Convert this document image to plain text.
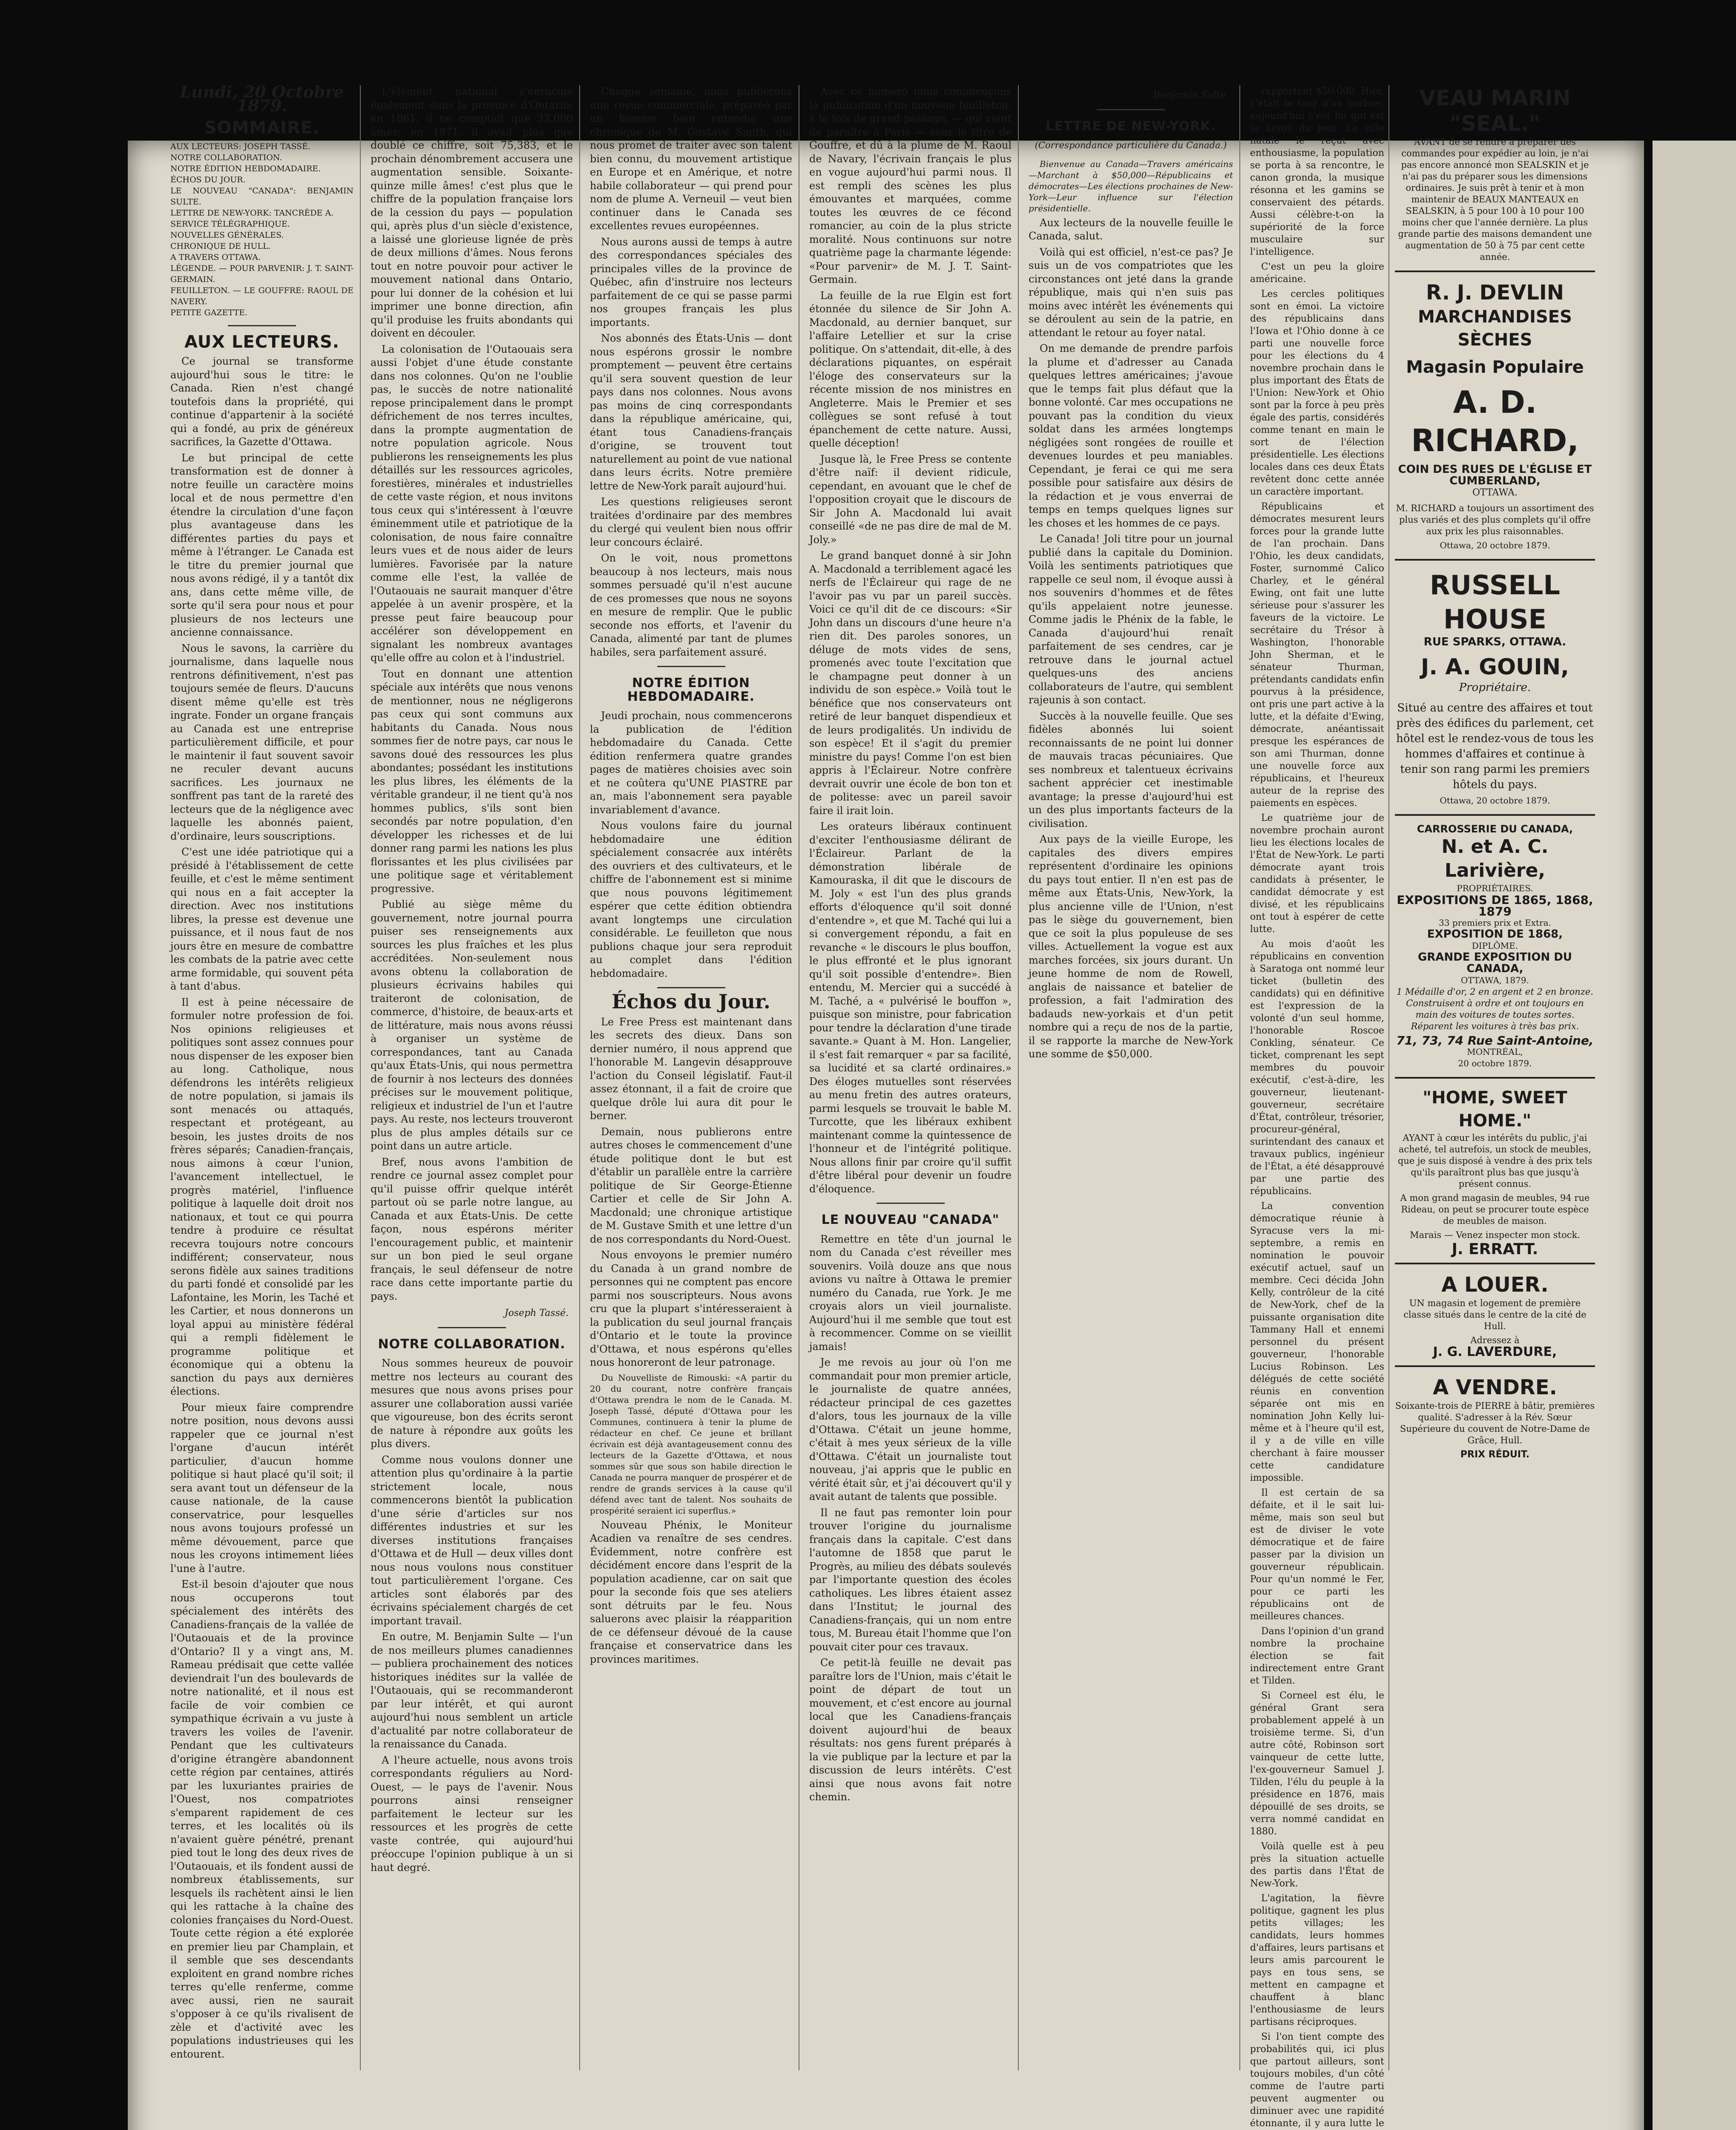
Lundi, 20 Octobre 1879.
SOMMAIRE.
AUX LECTEURS: JOSEPH TASSÉ.
NOTRE COLLABORATION.
NOTRE ÉDITION HEBDOMADAIRE.
ÉCHOS DU JOUR.
LE NOUVEAU "CANADA": BENJAMIN SULTE.
LETTRE DE NEW-YORK: TANCRÈDE A.
SERVICE TÉLÉGRAPHIQUE.
NOUVELLES GÉNÉRALES.
CHRONIQUE DE HULL.
A TRAVERS OTTAWA.
LÉGENDE. — POUR PARVENIR: J. T. SAINT-GERMAIN.
FEUILLETON. — LE GOUFFRE: RAOUL DE NAVERY.
PETITE GAZETTE.
AUX LECTEURS.

Ce journal se transforme aujourd'hui sous le titre: le Canada. Rien n'est changé toutefois dans la propriété, qui continue d'appartenir à la société qui a fondé, au prix de généreux sacrifices, la Gazette d'Ottawa.

Le but principal de cette transformation est de donner à notre feuille un caractère moins local et de nous permettre d'en étendre la circulation d'une façon plus avantageuse dans les différentes parties du pays et même à l'étranger. Le Canada est le titre du premier journal que nous avons rédigé, il y a tantôt dix ans, dans cette même ville, de sorte qu'il sera pour nous et pour plusieurs de nos lecteurs une ancienne connaissance.

Nous le savons, la carrière du journalisme, dans laquelle nous rentrons définitivement, n'est pas toujours semée de fleurs. D'aucuns disent même qu'elle est très ingrate. Fonder un organe français au Canada est une entreprise particulièrement difficile, et pour le maintenir il faut souvent savoir ne reculer devant aucuns sacrifices. Les journaux ne sonffrent pas tant de la rareté des lecteurs que de la négligence avec laquelle les abonnés paient, d'ordinaire, leurs souscriptions.

C'est une idée patriotique qui a présidé à l'établissement de cette feuille, et c'est le même sentiment qui nous en a fait accepter la direction. Avec nos institutions libres, la presse est devenue une puissance, et il nous faut de nos jours être en mesure de combattre les combats de la patrie avec cette arme formidable, qui souvent péta à tant d'abus.

Il est à peine nécessaire de formuler notre profession de foi. Nos opinions religieuses et politiques sont assez connues pour nous dispenser de les exposer bien au long. Catholique, nous défendrons les intérêts religieux de notre population, si jamais ils sont menacés ou attaqués, respectant et protégeant, au besoin, les justes droits de nos frères séparés; Canadien-français, nous aimons à cœur l'union, l'avancement intellectuel, le progrès matériel, l'influence politique à laquelle doit droit nos nationaux, et tout ce qui pourra tendre à produire ce résultat recevra toujours notre concours indifférent; conservateur, nous serons fidèle aux saines traditions du parti fondé et consolidé par les Lafontaine, les Morin, les Taché et les Cartier, et nous donnerons un loyal appui au ministère fédéral qui a rempli fidèlement le programme politique et économique qui a obtenu la sanction du pays aux dernières élections.

Pour mieux faire comprendre notre position, nous devons aussi rappeler que ce journal n'est l'organe d'aucun intérêt particulier, d'aucun homme politique si haut placé qu'il soit; il sera avant tout un défenseur de la cause nationale, de la cause conservatrice, pour lesquelles nous avons toujours professé un même dévouement, parce que nous les croyons intimement liées l'une à l'autre.

Est-il besoin d'ajouter que nous nous occuperons tout spécialement des intérêts des Canadiens-français de la vallée de l'Outaouais et de la province d'Ontario? Il y a vingt ans, M. Rameau prédisait que cette vallée deviendrait l'un des boulevards de notre nationalité, et il nous est facile de voir combien ce sympathique écrivain a vu juste à travers les voiles de l'avenir. Pendant que les cultivateurs d'origine étrangère abandonnent cette région par centaines, attirés par les luxuriantes prairies de l'Ouest, nos compatriotes s'emparent rapidement de ces terres, et les localités où ils n'avaient guère pénétré, prenant pied tout le long des deux rives de l'Outaouais, et ils fondent aussi de nombreux établissements, sur lesquels ils rachètent ainsi le lien qui les rattache à la chaîne des colonies françaises du Nord-Ouest. Toute cette région a été explorée en premier lieu par Champlain, et il semble que ses descendants exploitent en grand nombre riches terres qu'elle renferme, comme avec aussi, rien ne saurait s'opposer à ce qu'ils rivalisent de zèle et d'activité avec les populations industrieuses qui les entourent.

L'élément national s'enracine également dans la province d'Ontario; en 1861, il ne comptait que 33,000 âmes; en 1871, il avait plus que doublé ce chiffre, soit 75,383, et le prochain dénombrement accusera une augmentation sensible. Soixante-quinze mille âmes! c'est plus que le chiffre de la population française lors de la cession du pays — population qui, après plus d'un siècle d'existence, a laissé une glorieuse lignée de près de deux millions d'âmes. Nous ferons tout en notre pouvoir pour activer le mouvement national dans Ontario, pour lui donner de la cohésion et lui imprimer une bonne direction, afin qu'il produise les fruits abondants qui doivent en découler.

La colonisation de l'Outaouais sera aussi l'objet d'une étude constante dans nos colonnes. Qu'on ne l'oublie pas, le succès de notre nationalité repose principalement dans le prompt défrichement de nos terres incultes, dans la prompte augmentation de notre population agricole. Nous publierons les renseignements les plus détaillés sur les ressources agricoles, forestières, minérales et industrielles de cette vaste région, et nous invitons tous ceux qui s'intéressent à l'œuvre éminemment utile et patriotique de la colonisation, de nous faire connaître leurs vues et de nous aider de leurs lumières. Favorisée par la nature comme elle l'est, la vallée de l'Outaouais ne saurait manquer d'être appelée à un avenir prospère, et la presse peut faire beaucoup pour accélérer son développement en signalant les nombreux avantages qu'elle offre au colon et à l'industriel.

Tout en donnant une attention spéciale aux intérêts que nous venons de mentionner, nous ne négligerons pas ceux qui sont communs aux habitants du Canada. Nous nous sommes fier de notre pays, car nous le savons doué des ressources les plus abondantes; possédant les institutions les plus libres, les éléments de la véritable grandeur, il ne tient qu'à nos hommes publics, s'ils sont bien secondés par notre population, d'en développer les richesses et de lui donner rang parmi les nations les plus florissantes et les plus civilisées par une politique sage et véritablement progressive.

Publié au siège même du gouvernement, notre journal pourra puiser ses renseignements aux sources les plus fraîches et les plus accréditées. Non-seulement nous avons obtenu la collaboration de plusieurs écrivains habiles qui traiteront de colonisation, de commerce, d'histoire, de beaux-arts et de littérature, mais nous avons réussi à organiser un système de correspondances, tant au Canada qu'aux États-Unis, qui nous permettra de fournir à nos lecteurs des données précises sur le mouvement politique, religieux et industriel de l'un et l'autre pays. Au reste, nos lecteurs trouveront plus de plus amples détails sur ce point dans un autre article.

Bref, nous avons l'ambition de rendre ce journal assez complet pour qu'il puisse offrir quelque intérêt partout où se parle notre langue, au Canada et aux États-Unis. De cette façon, nous espérons mériter l'encouragement public, et maintenir sur un bon pied le seul organe français, le seul défenseur de notre race dans cette importante partie du pays.

Joseph Tassé.
NOTRE COLLABORATION.

Nous sommes heureux de pouvoir mettre nos lecteurs au courant des mesures que nous avons prises pour assurer une collaboration aussi variée que vigoureuse, bon des écrits seront de nature à répondre aux goûts les plus divers.

Comme nous voulons donner une attention plus qu'ordinaire à la partie strictement locale, nous commencerons bientôt la publication d'une série d'articles sur nos différentes industries et sur les diverses institutions françaises d'Ottawa et de Hull — deux villes dont nous nous voulons nous constituer tout particulièrement l'organe. Ces articles sont élaborés par des écrivains spécialement chargés de cet important travail.

En outre, M. Benjamin Sulte — l'un de nos meilleurs plumes canadiennes — publiera prochainement des notices historiques inédites sur la vallée de l'Outaouais, qui se recommanderont par leur intérêt, et qui auront aujourd'hui nous semblent un article d'actualité par notre collaborateur de la renaissance du Canada.

A l'heure actuelle, nous avons trois correspondants réguliers au Nord-Ouest, — le pays de l'avenir. Nous pourrons ainsi renseigner parfaitement le lecteur sur les ressources et les progrès de cette vaste contrée, qui aujourd'hui préoccupe l'opinion publique à un si haut degré.

Chaque semaine, nous publierons une revue commerciale, préparée par un homme bien entendu; une chronique de M. Gustave Smith, qui nous promet de traiter avec son talent bien connu, du mouvement artistique en Europe et en Amérique, et notre habile collaborateur — qui prend pour nom de plume A. Verneuil — veut bien continuer dans le Canada ses excellentes revues européennes.

Nous aurons aussi de temps à autre des correspondances spéciales des principales villes de la province de Québec, afin d'instruire nos lecteurs parfaitement de ce qui se passe parmi nos groupes français les plus importants.

Nos abonnés des États-Unis — dont nous espérons grossir le nombre promptement — peuvent être certains qu'il sera souvent question de leur pays dans nos colonnes. Nous avons pas moins de cinq correspondants dans la république américaine, qui, étant tous Canadiens-français d'origine, se trouvent tout naturellement au point de vue national dans leurs écrits. Notre première lettre de New-York paraît aujourd'hui.

Les questions religieuses seront traitées d'ordinaire par des membres du clergé qui veulent bien nous offrir leur concours éclairé.

On le voit, nous promettons beaucoup à nos lecteurs, mais nous sommes persuadé qu'il n'est aucune de ces promesses que nous ne soyons en mesure de remplir. Que le public seconde nos efforts, et l'avenir du Canada, alimenté par tant de plumes habiles, sera parfaitement assuré.

NOTRE ÉDITION HEBDOMADAIRE.

Jeudi prochain, nous commencerons la publication de l'édition hebdomadaire du Canada. Cette édition renfermera quatre grandes pages de matières choisies avec soin et ne coûtera qu'UNE PIASTRE par an, mais l'abonnement sera payable invariablement d'avance.

Nous voulons faire du journal hebdomadaire une édition spécialement consacrée aux intérêts des ouvriers et des cultivateurs, et le chiffre de l'abonnement est si minime que nous pouvons légitimement espérer que cette édition obtiendra avant longtemps une circulation considérable. Le feuilleton que nous publions chaque jour sera reproduit au complet dans l'édition hebdomadaire.

Échos du Jour.

Le Free Press est maintenant dans les secrets des dieux. Dans son dernier numéro, il nous apprend que l'honorable M. Langevin désapprouve l'action du Conseil législatif. Faut-il assez étonnant, il a fait de croire que quelque drôle lui aura dit pour le berner.

Demain, nous publierons entre autres choses le commencement d'une étude politique dont le but est d'établir un parallèle entre la carrière politique de Sir George-Étienne Cartier et celle de Sir John A. Macdonald; une chronique artistique de M. Gustave Smith et une lettre d'un de nos correspondants du Nord-Ouest.

Nous envoyons le premier numéro du Canada à un grand nombre de personnes qui ne comptent pas encore parmi nos souscripteurs. Nous avons cru que la plupart s'intéresseraient à la publication du seul journal français d'Ontario et le toute la province d'Ottawa, et nous espérons qu'elles nous honoreront de leur patronage.

Du Nouvelliste de Rimouski: «A partir du 20 du courant, notre confrère français d'Ottawa prendra le nom de le Canada. M. Joseph Tassé, député d'Ottawa pour les Communes, continuera à tenir la plume de rédacteur en chef. Ce jeune et brillant écrivain est déjà avantageusement connu des lecteurs de la Gazette d'Ottawa, et nous sommes sûr que sous son habile direction le Canada ne pourra manquer de prospérer et de rendre de grands services à la cause qu'il défend avec tant de talent. Nos souhaits de prospérité seraient ici superflus.»

Nouveau Phénix, le Moniteur Acadien va renaître de ses cendres. Évidemment, notre confrère est décidément encore dans l'esprit de la population acadienne, car on sait que pour la seconde fois que ses ateliers sont détruits par le feu. Nous saluerons avec plaisir la réapparition de ce défenseur dévoué de la cause française et conservatrice dans les provinces maritimes.

Avec ce numéro nous commençons la publication d'un nouveau feuilleton, à la fois de grand passage, — qui vient de paraître à Paris — sous le titre de Gouffre, et dû à la plume de M. Raoul de Navary, l'écrivain français le plus en vogue aujourd'hui parmi nous. Il est rempli des scènes les plus émouvantes et marquées, comme toutes les œuvres de ce fécond romancier, au coin de la plus stricte moralité. Nous continuons sur notre quatrième page la charmante légende: «Pour parvenir» de M. J. T. Saint-Germain.

La feuille de la rue Elgin est fort étonnée du silence de Sir John A. Macdonald, au dernier banquet, sur l'affaire Letellier et sur la crise politique. On s'attendait, dit-elle, à des déclarations piquantes, on espérait l'éloge des conservateurs sur la récente mission de nos ministres en Angleterre. Mais le Premier et ses collègues se sont refusé à tout épanchement de cette nature. Aussi, quelle déception!

Jusque là, le Free Press se contente d'être naïf: il devient ridicule, cependant, en avouant que le chef de l'opposition croyait que le discours de Sir John A. Macdonald lui avait conseillé «de ne pas dire de mal de M. Joly.»

Le grand banquet donné à sir John A. Macdonald a terriblement agacé les nerfs de l'Éclaireur qui rage de ne l'avoir pas vu par un pareil succès. Voici ce qu'il dit de ce discours: «Sir John dans un discours d'une heure n'a rien dit. Des paroles sonores, un déluge de mots vides de sens, promenés avec toute l'excitation que le champagne peut donner à un individu de son espèce.» Voilà tout le bénéfice que nos conservateurs ont retiré de leur banquet dispendieux et de leurs prodigalités. Un individu de son espèce! Et il s'agit du premier ministre du pays! Comme l'on est bien appris à l'Éclaireur. Notre confrère devrait ouvrir une école de bon ton et de politesse: avec un pareil savoir faire il irait loin.

Les orateurs libéraux continuent d'exciter l'enthousiasme délirant de l'Éclaireur. Parlant de la démonstration libérale de Kamouraska, il dit que le discours de M. Joly « est l'un des plus grands efforts d'éloquence qu'il soit donné d'entendre », et que M. Taché qui lui a si convergement répondu, a fait en revanche « le discours le plus bouffon, le plus effronté et le plus ignorant qu'il soit possible d'entendre». Bien entendu, M. Mercier qui a succédé à M. Taché, a « pulvérisé le bouffon », puisque son ministre, pour fabrication pour tendre la déclaration d'une tirade savante.» Quant à M. Hon. Langelier, il s'est fait remarquer « par sa facilité, sa lucidité et sa clarté ordinaires.» Des éloges mutuelles sont réservées au menu fretin des autres orateurs, parmi lesquels se trouvait le bable M. Turcotte, que les libéraux exhibent maintenant comme la quintessence de l'honneur et de l'intégrité politique. Nous allons finir par croire qu'il suffit d'être libéral pour devenir un foudre d'éloquence.

LE NOUVEAU "CANADA"

Remettre en tête d'un journal le nom du Canada c'est réveiller mes souvenirs. Voilà douze ans que nous avions vu naître à Ottawa le premier numéro du Canada, rue York. Je me croyais alors un vieil journaliste. Aujourd'hui il me semble que tout est à recommencer. Comme on se vieillit jamais!

Je me revois au jour où l'on me commandait pour mon premier article, le journaliste de quatre années, rédacteur principal de ces gazettes d'alors, tous les journaux de la ville d'Ottawa. C'était un jeune homme, c'était à mes yeux sérieux de la ville d'Ottawa. C'était un journaliste tout nouveau, j'ai appris que le public en vérité était sûr, et j'ai découvert qu'il y avait autant de talents que possible.

Il ne faut pas remonter loin pour trouver l'origine du journalisme français dans la capitale. C'est dans l'automne de 1858 que parut le Progrès, au milieu des débats soulevés par l'importante question des écoles catholiques. Les libres étaient assez dans l'Institut; le journal des Canadiens-français, qui un nom entre tous, M. Bureau était l'homme que l'on pouvait citer pour ces travaux.

Ce petit-là feuille ne devait pas paraître lors de l'Union, mais c'était le point de départ de tout un mouvement, et c'est encore au journal local que les Canadiens-français doivent aujourd'hui de beaux résultats: nos gens furent préparés à la vie publique par la lecture et par la discussion de leurs intérêts. C'est ainsi que nous avons fait notre chemin.

Benjamin Sulte.
LETTRE DE NEW-YORK.
(Correspondance particulière du Canada.)

Bienvenue au Canada—Travers américains—Marchant à $50,000—Républicains et démocrates—Les élections prochaines de New-York—Leur influence sur l'élection présidentielle.

Aux lecteurs de la nouvelle feuille le Canada, salut.

Voilà qui est officiel, n'est-ce pas? Je suis un de vos compatriotes que les circonstances ont jeté dans la grande république, mais qui n'en suis pas moins avec intérêt les événements qui se déroulent au sein de la patrie, en attendant le retour au foyer natal.

On me demande de prendre parfois la plume et d'adresser au Canada quelques lettres américaines; j'avoue que le temps fait plus défaut que la bonne volonté. Car mes occupations ne pouvant pas la condition du vieux soldat dans les armées longtemps négligées sont rongées de rouille et devenues lourdes et peu maniables. Cependant, je ferai ce qui me sera possible pour satisfaire aux désirs de la rédaction et je vous enverrai de temps en temps quelques lignes sur les choses et les hommes de ce pays.

Le Canada! Joli titre pour un journal publié dans la capitale du Dominion. Voilà les sentiments patriotiques que rappelle ce seul nom, il évoque aussi à nos souvenirs d'hommes et de fêtes qu'ils appelaient notre jeunesse. Comme jadis le Phénix de la fable, le Canada d'aujourd'hui renaît parfaitement de ses cendres, car je retrouve dans le journal actuel quelques-uns des anciens collaborateurs de l'autre, qui semblent rajeunis à son contact.

Succès à la nouvelle feuille. Que ses fidèles abonnés lui soient reconnaissants de ne point lui donner de mauvais tracas pécuniaires. Que ses nombreux et talentueux écrivains sachent apprécier cet inestimable avantage; la presse d'aujourd'hui est un des plus importants facteurs de la civilisation.

Aux pays de la vieille Europe, les capitales des divers empires représentent d'ordinaire les opinions du pays tout entier. Il n'en est pas de même aux États-Unis, New-York, la plus ancienne ville de l'Union, n'est pas le siège du gouvernement, bien que ce soit la plus populeuse de ses villes. Actuellement la vogue est aux marches forcées, six jours durant. Un jeune homme de nom de Rowell, anglais de naissance et batelier de profession, a fait l'admiration des badauds new-yorkais et d'un petit nombre qui a reçu de nos de la partie, il se rapporte la marche de New-York une somme de $50,000.

rapportent $50,000. Hier, c'était le tour d'un barbier, aujourd'hui c'est lui qui est le héros du jour. La ville natale le reçut avec enthousiasme, la population se porta à sa rencontre, le canon gronda, la musique résonna et les gamins se conservaient des pétards. Aussi célèbre-t-on la supériorité de la force musculaire sur l'intelligence.

C'est un peu la gloire américaine.

Les cercles politiques sont en émoi. La victoire des républicains dans l'Iowa et l'Ohio donne à ce parti une nouvelle force pour les élections du 4 novembre prochain dans le plus important des États de l'Union: New-York et Ohio sont par la force à peu près égale des partis, considérés comme tenant en main le sort de l'élection présidentielle. Les élections locales dans ces deux États revêtent donc cette année un caractère important.

Républicains et démocrates mesurent leurs forces pour la grande lutte de l'an prochain. Dans l'Ohio, les deux candidats, Foster, surnommé Calico Charley, et le général Ewing, ont fait une lutte sérieuse pour s'assurer les faveurs de la victoire. Le secrétaire du Trésor à Washington, l'honorable John Sherman, et le sénateur Thurman, prétendants candidats enfin pourvus à la présidence, ont pris une part active à la lutte, et la défaite d'Ewing, démocrate, anéantissait presque les espérances de son ami Thurman, donne une nouvelle force aux républicains, et l'heureux auteur de la reprise des paiements en espèces.

Le quatrième jour de novembre prochain auront lieu les élections locales de l'État de New-York. Le parti démocrate ayant trois candidats à présenter, le candidat démocrate y est divisé, et les républicains ont tout à espérer de cette lutte.

Au mois d'août les républicains en convention à Saratoga ont nommé leur ticket (bulletin des candidats) qui en définitive est l'expression de la volonté d'un seul homme, l'honorable Roscoe Conkling, sénateur. Ce ticket, comprenant les sept membres du pouvoir exécutif, c'est-à-dire, les gouverneur, lieutenant-gouverneur, secrétaire d'État, contrôleur, trésorier, procureur-général, surintendant des canaux et travaux publics, ingénieur de l'État, a été désapprouvé par une partie des républicains.

La convention démocratique réunie à Syracuse vers la mi-septembre, a remis en nomination le pouvoir exécutif actuel, sauf un membre. Ceci décida John Kelly, contrôleur de la cité de New-York, chef de la puissante organisation dite Tammany Hall et ennemi personnel du présent gouverneur, l'honorable Lucius Robinson. Les délégués de cette société réunis en convention séparée ont mis en nomination John Kelly lui-même et à l'heure qu'il est, il y a de ville en ville cherchant à faire mousser cette candidature impossible.

Il est certain de sa défaite, et il le sait lui-même, mais son seul but est de diviser le vote démocratique et de faire passer par la division un gouverneur républicain. Pour qu'un nommé le Fer, pour ce parti les républicains ont de meilleures chances.

Dans l'opinion d'un grand nombre la prochaine élection se fait indirectement entre Grant et Tilden.

Si Corneel est élu, le général Grant sera probablement appelé à un troisième terme. Si, d'un autre côté, Robinson sort vainqueur de cette lutte, l'ex-gouverneur Samuel J. Tilden, l'élu du peuple à la présidence en 1876, mais dépouillé de ses droits, se verra nommé candidat en 1880.

Voilà quelle est à peu près la situation actuelle des partis dans l'État de New-York.

L'agitation, la fièvre politique, gagnent les plus petits villages; les candidats, leurs hommes d'affaires, leurs partisans et leurs amis parcourent le pays en tous sens, se mettent en campagne et chauffent à blanc l'enthousiasme de leurs partisans réciproques.

Si l'on tient compte des probabilités qui, ici plus que partout ailleurs, sont toujours mobiles, d'un côté comme de l'autre parti peuvent augmenter ou diminuer avec une rapidité étonnante, il y aura lutte le

VEAU MARIN "SEAL."

AVANT de se rendre à préparer des commandes pour expédier au loin, je n'ai pas encore annoncé mon SEALSKIN et je n'ai pas du préparer sous les dimensions ordinaires. Je suis prêt à tenir et à mon maintenir de BEAUX MANTEAUX en SEALSKIN, à 5 pour 100 à 10 pour 100 moins cher que l'année dernière. La plus grande partie des maisons demandent une augmentation de 50 à 75 par cent cette année.

R. J. DEVLIN
MARCHANDISES SÈCHES
Magasin Populaire
A. D. RICHARD,
COIN DES RUES DE L'ÉGLISE ET CUMBERLAND,
OTTAWA.

M. RICHARD a toujours un assortiment des plus variés et des plus complets qu'il offre aux prix les plus raisonnables.

Ottawa, 20 octobre 1879.
RUSSELL HOUSE
RUE SPARKS, OTTAWA.
J. A. GOUIN,
Propriétaire.

Situé au centre des affaires et tout près des édifices du parlement, cet hôtel est le rendez-vous de tous les hommes d'affaires et continue à tenir son rang parmi les premiers hôtels du pays.

Ottawa, 20 octobre 1879.
CARROSSERIE DU CANADA,
N. et A. C. Larivière,
PROPRIÉTAIRES.
EXPOSITIONS DE 1865, 1868, 1879
33 premiers prix et Extra.
EXPOSITION DE 1868,
DIPLÔME.
GRANDE EXPOSITION DU CANADA,
OTTAWA, 1879.

1 Médaille d'or, 2 en argent et 2 en bronze. Construisent à ordre et ont toujours en main des voitures de toutes sortes. Réparent les voitures à très bas prix.

71, 73, 74 Rue Saint-Antoine,
MONTRÉAL,
20 octobre 1879.
"HOME, SWEET HOME."

AYANT à cœur les intérêts du public, j'ai acheté, tel autrefois, un stock de meubles, que je suis disposé à vendre à des prix tels qu'ils paraîtront plus bas que jusqu'à présent connus.

A mon grand magasin de meubles, 94 rue Rideau, on peut se procurer toute espèce de meubles de maison.

Marais — Venez inspecter mon stock.

J. ERRATT.
A LOUER.

UN magasin et logement de première classe situés dans le centre de la cité de Hull.

Adressez à
J. G. LAVERDURE,
A VENDRE.

Soixante-trois de PIERRE à bâtir, premières qualité. S'adresser à la Rév. Sœur Supérieure du couvent de Notre-Dame de Grâce, Hull.

PRIX RÉDUIT.
